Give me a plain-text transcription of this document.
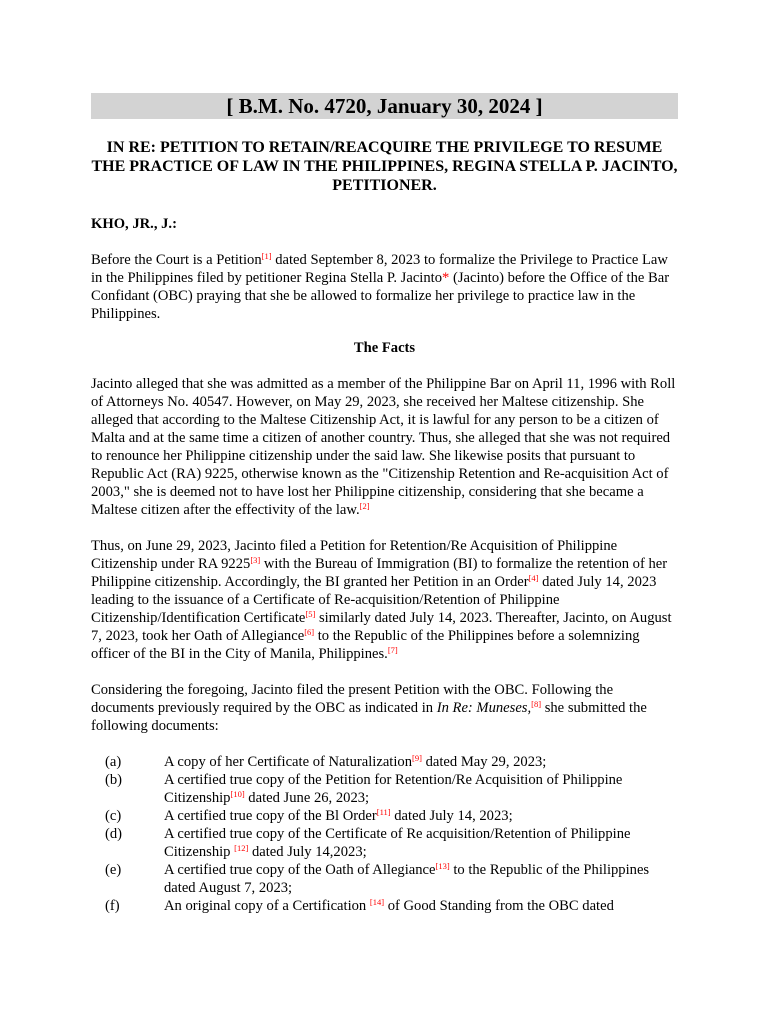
[ B.M. No. 4720, January 30, 2024 ]

IN RE: PETITION TO RETAIN/REACQUIRE THE PRIVILEGE TO RESUME THE PRACTICE OF LAW IN THE PHILIPPINES, REGINA STELLA P. JACINTO, PETITIONER.

KHO, JR., J.:

Before the Court is a Petition[1] dated September 8, 2023 to formalize the Privilege to Practice Law in the Philippines filed by petitioner Regina Stella P. Jacinto* (Jacinto) before the Office of the Bar Confidant (OBC) praying that she be allowed to formalize her privilege to practice law in the Philippines.

The Facts

Jacinto alleged that she was admitted as a member of the Philippine Bar on April 11, 1996 with Roll of Attorneys No. 40547. However, on May 29, 2023, she received her Maltese citizenship. She alleged that according to the Maltese Citizenship Act, it is lawful for any person to be a citizen of Malta and at the same time a citizen of another country. Thus, she alleged that she was not required to renounce her Philippine citizenship under the said law. She likewise posits that pursuant to Republic Act (RA) 9225, otherwise known as the "Citizenship Retention and Re-acquisition Act of 2003," she is deemed not to have lost her Philippine citizenship, considering that she became a Maltese citizen after the effectivity of the law.[2]

Thus, on June 29, 2023, Jacinto filed a Petition for Retention/Re Acquisition of Philippine Citizenship under RA 9225[3] with the Bureau of Immigration (BI) to formalize the retention of her Philippine citizenship. Accordingly, the BI granted her Petition in an Order[4] dated July 14, 2023 leading to the issuance of a Certificate of Re-acquisition/Retention of Philippine Citizenship/Identification Certificate[5] similarly dated July 14, 2023. Thereafter, Jacinto, on August 7, 2023, took her Oath of Allegiance[6] to the Republic of the Philippines before a solemnizing officer of the BI in the City of Manila, Philippines.[7]

Considering the foregoing, Jacinto filed the present Petition with the OBC. Following the documents previously required by the OBC as indicated in In Re: Muneses,[8] she submitted the following documents:

(a)	A copy of her Certificate of Naturalization[9] dated May 29, 2023;
(b)	A certified true copy of the Petition for Retention/Re Acquisition of Philippine Citizenship[10] dated June 26, 2023;
(c)	A certified true copy of the Bl Order[11] dated July 14, 2023;
(d)	A certified true copy of the Certificate of Re acquisition/Retention of Philippine Citizenship [12] dated July 14,2023;
(e)	A certified true copy of the Oath of Allegiance[13] to the Republic of the Philippines dated August 7, 2023;
(f)	An original copy of a Certification [14] of Good Standing from the OBC dated
